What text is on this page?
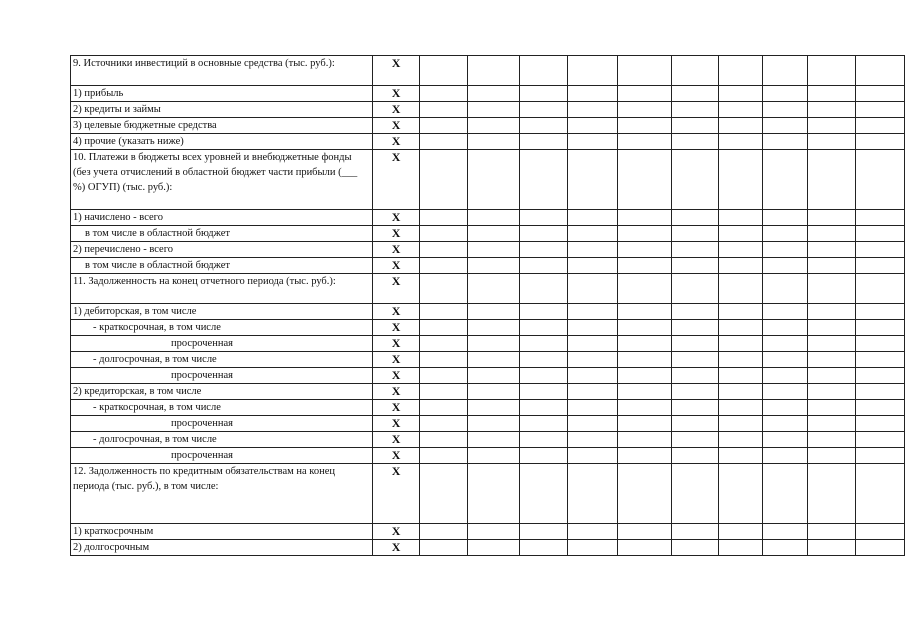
9. Источники инвестиций в основные средства (тыс. руб.):	X										
1) прибыль	X										
2) кредиты и займы	X										
3) целевые бюджетные средства	X										
4) прочие (указать ниже)	X										
10. Платежи в бюджеты всех уровней и внебюджетные фонды (без учета отчислений в областной бюджет части прибыли (___ %) ОГУП) (тыс. руб.):	X										
1) начислено - всего	X										
в том числе в областной бюджет	X										
2) перечислено - всего	X										
в том числе в областной бюджет	X										
11. Задолженность на конец отчетного периода (тыс. руб.):	X										
1) дебиторская, в том числе	X										
- краткосрочная, в том числе	X										
просроченная	X										
- долгосрочная, в том числе	X										
просроченная	X										
2) кредиторская, в том числе	X										
- краткосрочная, в том числе	X										
просроченная	X										
- долгосрочная, в том числе	X										
просроченная	X										
12. Задолженность по кредитным обязательствам на конец периода (тыс. руб.), в том числе:	X										
1) краткосрочным	X										
2) долгосрочным	X										
